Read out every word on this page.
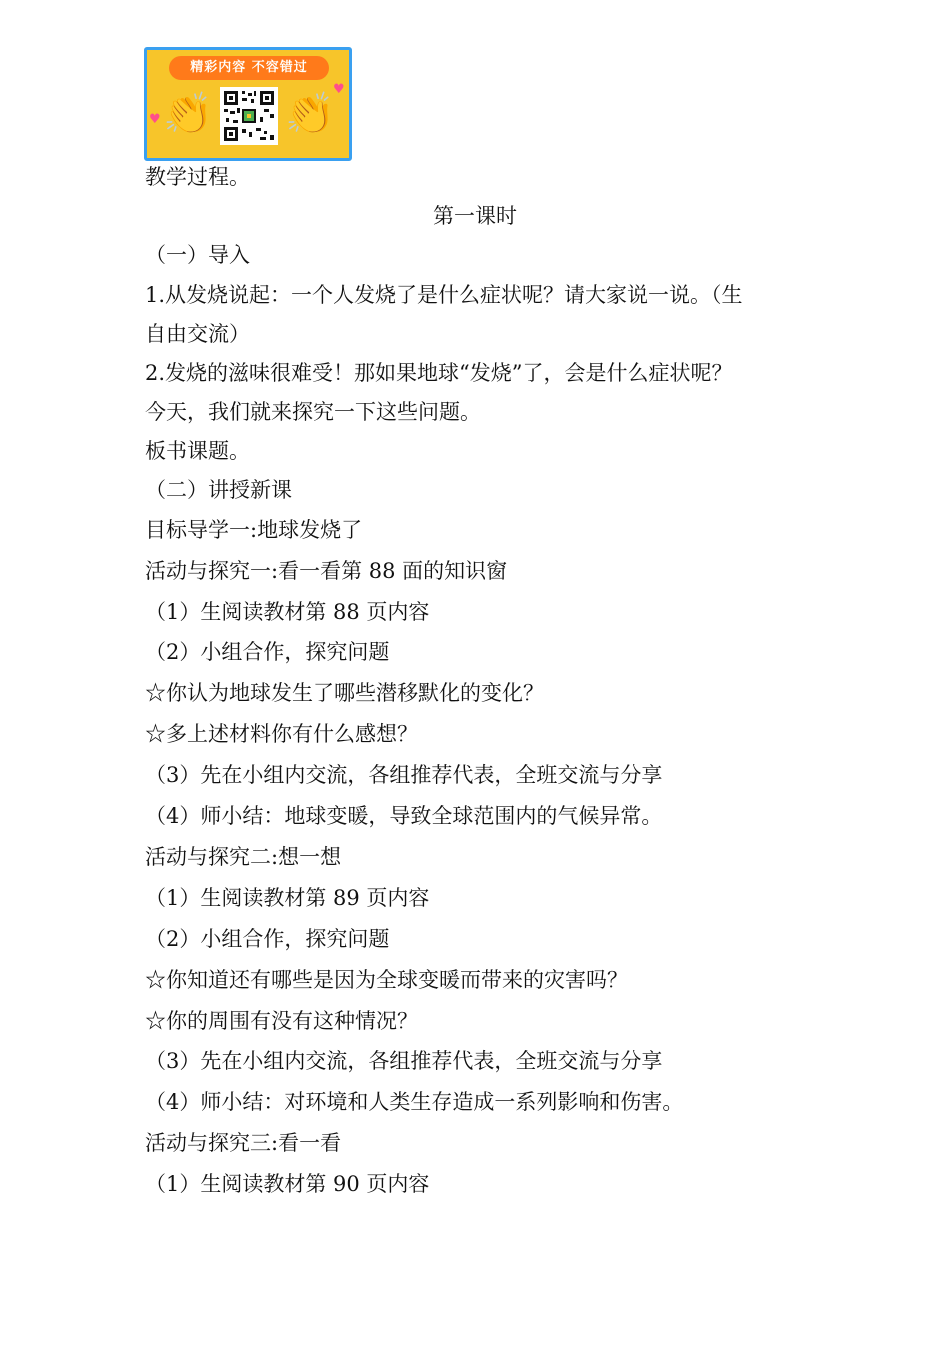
精彩内容 不容错过
♥
♥
👏 👏

教学过程。

第一课时

（一）导入

1.从发烧说起：一个人发烧了是什么症状呢？请大家说一说。（生

自由交流）

2.发烧的滋味很难受！那如果地球“发烧”了，会是什么症状呢？

今天，我们就来探究一下这些问题。

板书课题。

（二）讲授新课

目标导学一:地球发烧了

活动与探究一:看一看第 88 面的知识窗

（1）生阅读教材第 88 页内容

（2）小组合作，探究问题

☆你认为地球发生了哪些潜移默化的变化？

☆多上述材料你有什么感想？

（3）先在小组内交流，各组推荐代表，全班交流与分享

（4）师小结：地球变暖，导致全球范围内的气候异常。

活动与探究二:想一想

（1）生阅读教材第 89 页内容

（2）小组合作，探究问题

☆你知道还有哪些是因为全球变暖而带来的灾害吗？

☆你的周围有没有这种情况？

（3）先在小组内交流，各组推荐代表，全班交流与分享

（4）师小结：对环境和人类生存造成一系列影响和伤害。

活动与探究三:看一看

（1）生阅读教材第 90 页内容
